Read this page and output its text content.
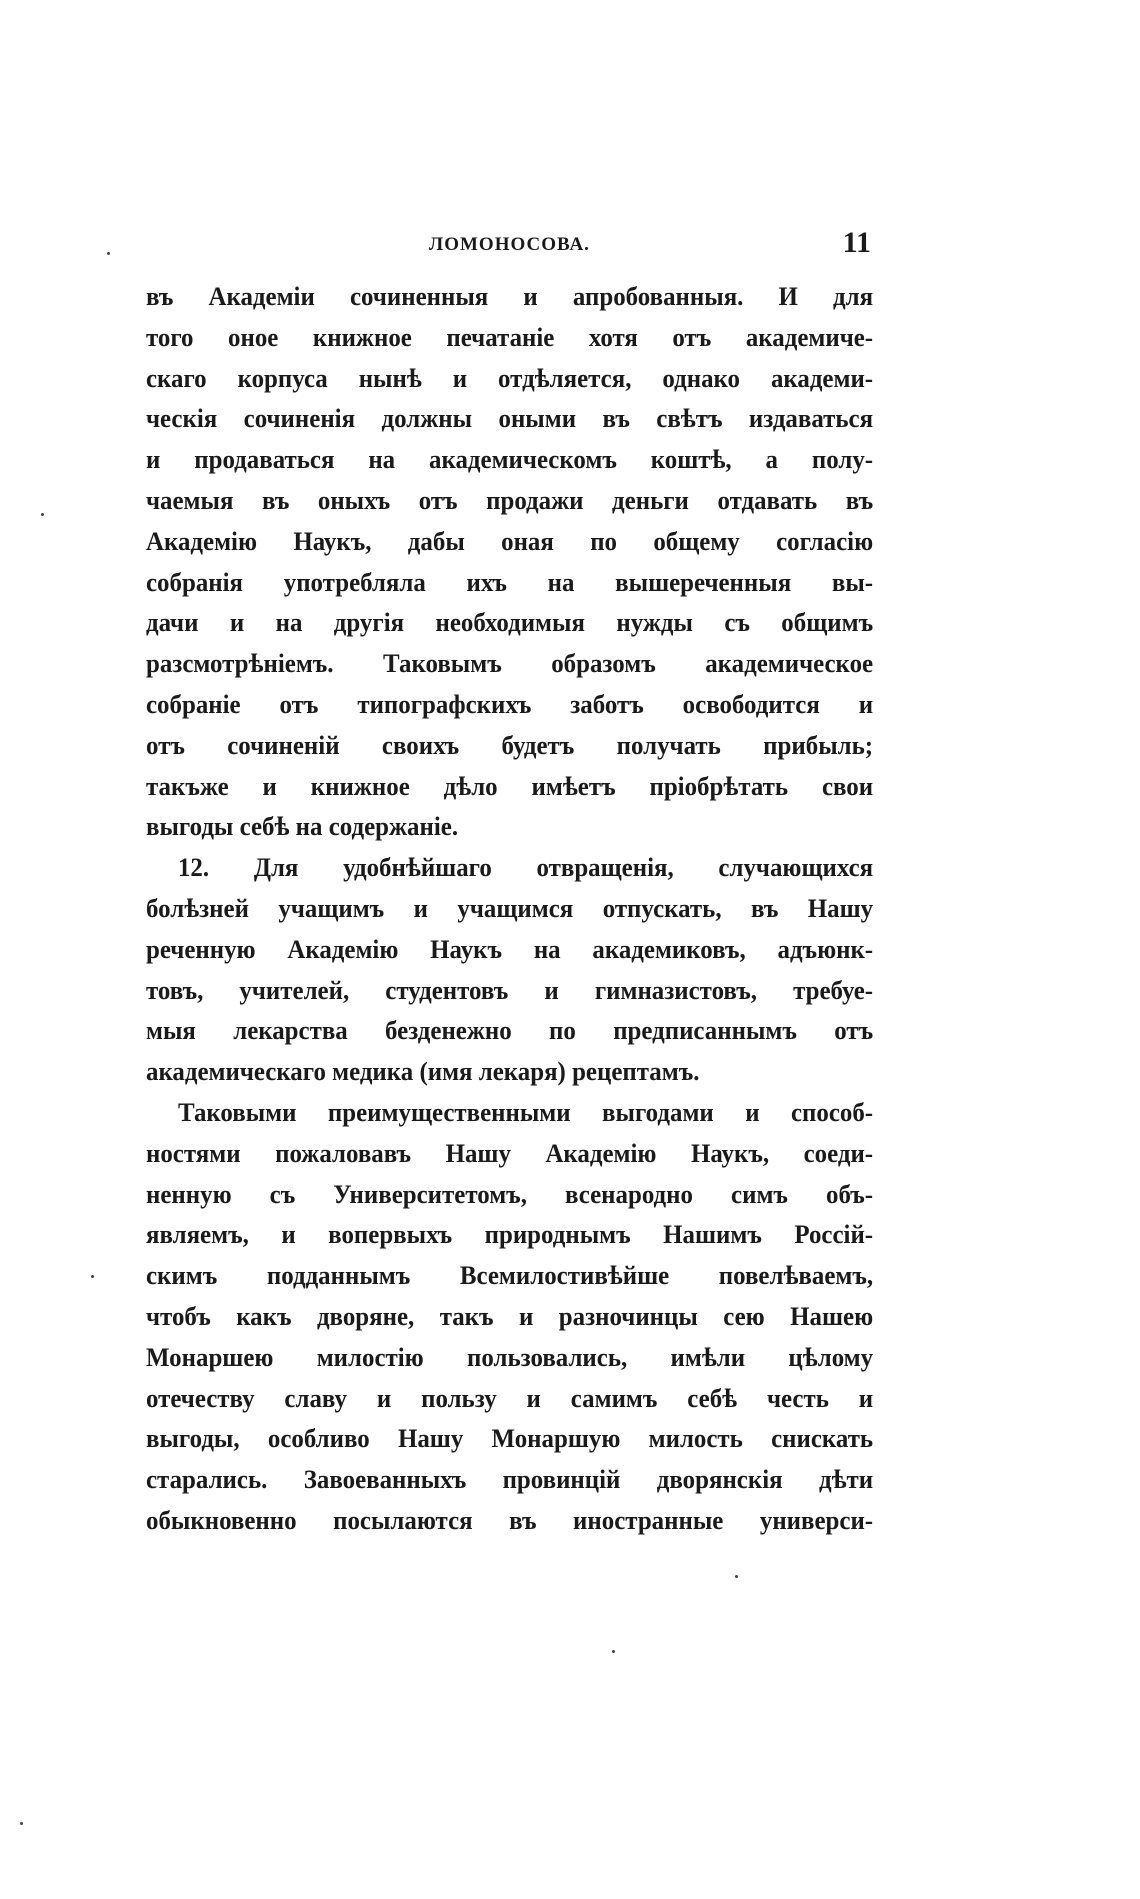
ЛОМОНОСОВА.	11
въ Академіи сочиненныя и апробованныя. И для
того оное книжное печатаніе хотя отъ академиче-
скаго корпуса нынѣ и отдѣляется, однако академи-
ческія сочиненія должны оными въ свѣтъ издаваться
и продаваться на академическомъ коштѣ, а полу-
чаемыя въ оныхъ отъ продажи деньги отдавать въ
Академію Наукъ, дабы оная по общему согласію
собранія употребляла ихъ на вышереченныя вы-
дачи и на другія необходимыя нужды съ общимъ
разсмотрѣніемъ. Таковымъ образомъ академическое
собраніе отъ типографскихъ заботъ освободится и
отъ сочиненій своихъ будетъ получать прибыль;
такъже и книжное дѣло имѣетъ пріобрѣтать свои
выгоды себѣ на содержаніе.
12. Для удобнѣйшаго отвращенія, случающихся
болѣзней учащимъ и учащимся отпускать, въ Нашу
реченную Академію Наукъ на академиковъ, адъюнк-
товъ, учителей, студентовъ и гимназистовъ, требуе-
мыя лекарства безденежно по предписаннымъ отъ
академическаго медика (имя лекаря) рецептамъ.
Таковыми преимущественными выгодами и способ-
ностями пожаловавъ Нашу Академію Наукъ, соеди-
ненную съ Университетомъ, всенародно симъ объ-
являемъ, и вопервыхъ природнымъ Нашимъ Россій-
скимъ подданнымъ Всемилостивѣйше повелѣваемъ,
чтобъ какъ дворяне, такъ и разночинцы сею Нашею
Монаршею милостію пользовались, имѣли цѣлому
отечеству славу и пользу и самимъ себѣ честь и
выгоды, особливо Нашу Монаршую милость снискать
старались. Завоеванныхъ провинцій дворянскія дѣти
обыкновенно посылаются въ иностранные универси-
